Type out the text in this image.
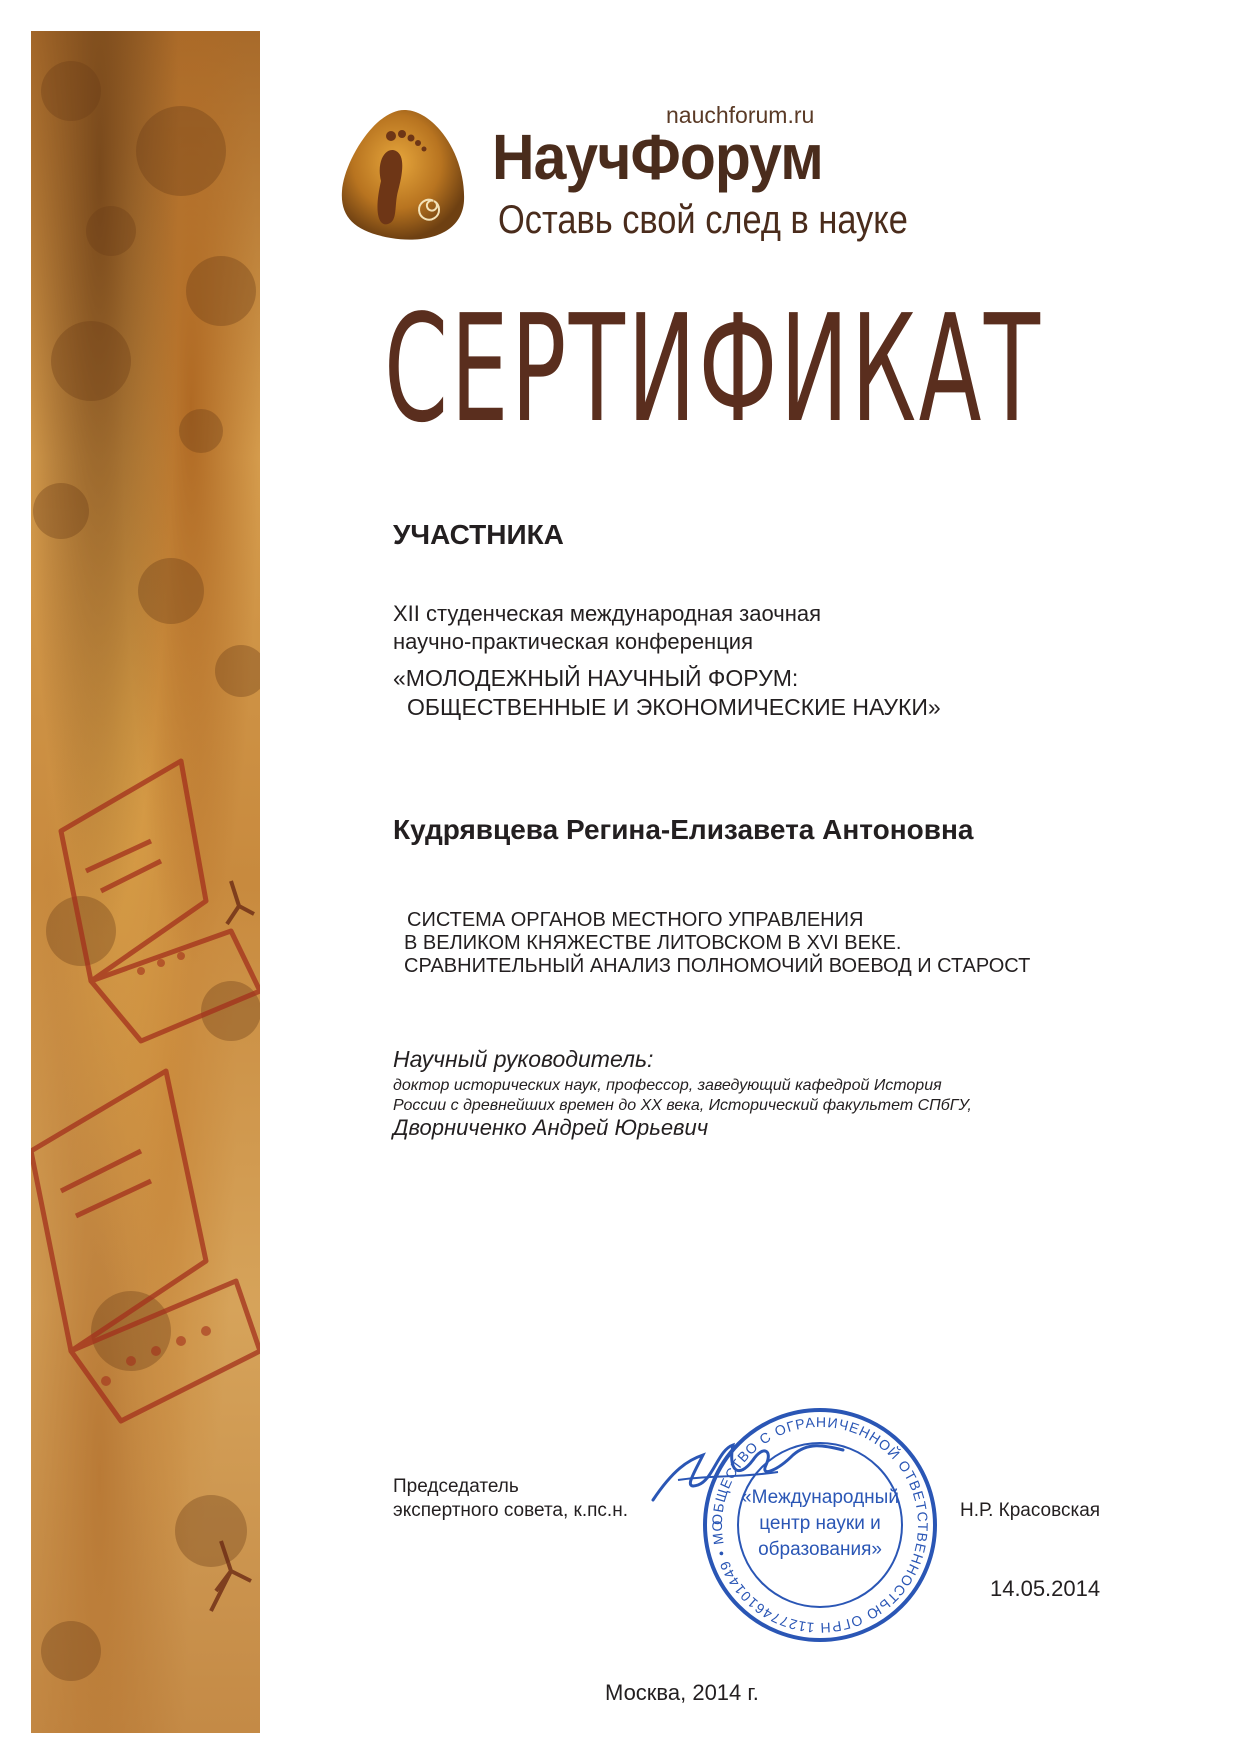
nauchforum.ru
НаучФорум
Оставь свой след в науке
СЕРТИФИКАТ
УЧАСТНИКА
XII студенческая международная заочная
научно-практическая конференция
«МОЛОДЕЖНЫЙ НАУЧНЫЙ ФОРУМ:
ОБЩЕСТВЕННЫЕ И ЭКОНОМИЧЕСКИЕ НАУКИ»
Кудрявцева Регина-Елизавета Антоновна
СИСТЕМА ОРГАНОВ МЕСТНОГО УПРАВЛЕНИЯ
В ВЕЛИКОМ КНЯЖЕСТВЕ ЛИТОВСКОМ В XVI ВЕКЕ.
СРАВНИТЕЛЬНЫЙ АНАЛИЗ ПОЛНОМОЧИЙ ВОЕВОД И СТАРОСТ
Научный руководитель:
доктор исторических наук, профессор, заведующий кафедрой История
России с древнейших времен до XX века, Исторический факультет СПбГУ,
Дворниченко Андрей Юрьевич
Председатель
экспертного совета, к.пс.н.	ОБЩЕСТВО С ОГРАНИЧЕННОЙ ОТВЕТСТВЕННОСТЬЮ ОГРН 1127746101449 • МО
«Международный
центр науки и
образования»
Н.Р. Красовская
14.05.2014
Москва, 2014 г.
